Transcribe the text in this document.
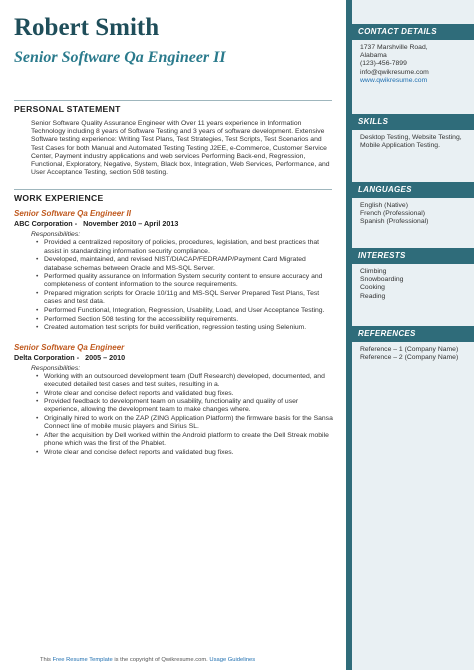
Robert Smith
Senior Software Qa Engineer II
PERSONAL STATEMENT
Senior Software Quality Assurance Engineer with Over 11 years experience in Information Technology including 8 years of Software Testing and 3 years of software development. Extensive Software testing experience: Writing Test Plans, Test Strategies, Test Scripts, Test Scenarios and Test Cases for both Manual and Automated Testing Testing J2EE, e-Commerce, Customer Service Center, Payment industry applications and web services Performing Back-end, Regression, Functional, Exploratory, Negative, System, Black box, Integration, Web Services, Performance, and User Acceptance Testing, section 508 testing.
WORK EXPERIENCE
Senior Software Qa Engineer II
ABC Corporation - November 2010 – April 2013
Responsibilities:
• Provided a centralized repository of policies, procedures, legislation, and best practices that assist in standardizing information security compliance.
• Developed, maintained, and revised NIST/DIACAP/FEDRAMP/Payment Card Migrated database schemas between Oracle and MS-SQL Server.
• Performed quality assurance on Information System security content to ensure accuracy and completeness of content information to the source requirements.
• Prepared migration scripts for Oracle 10/11g and MS-SQL Server Prepared Test Plans, Test cases and test data.
• Performed Functional, Integration, Regression, Usability, Load, and User Acceptance Testing.
• Performed Section 508 testing for the accessibility requirements.
• Created automation test scripts for build verification, regression testing using Selenium.
Senior Software Qa Engineer
Delta Corporation - 2005 – 2010
Responsibilities:
• Working with an outsourced development team (Duff Research) developed, documented, and executed detailed test cases and test suites, resulting in a.
• Wrote clear and concise defect reports and validated bug fixes.
• Provided feedback to development team on usability, functionality and quality of user experience, allowing the development team to make changes where.
• Originally hired to work on the ZAP (ZING Application Platform) the firmware basis for the Sansa Connect line of mobile music players and Sirius SL.
• After the acquisition by Dell worked within the Android platform to create the Dell Streak mobile phone which was the first of the Phablet.
• Wrote clear and concise defect reports and validated bug fixes.
CONTACT DETAILS
1737 Marshville Road,
Alabama
(123)-456-7899
info@qwikresume.com
www.qwikresume.com
SKILLS
Desktop Testing, Website Testing, Mobile Application Testing.
LANGUAGES
English (Native)
French (Professional)
Spanish (Professional)
INTERESTS
Climbing
Snowboarding
Cooking
Reading
REFERENCES
Reference – 1 (Company Name)
Reference – 2 (Company Name)
This Free Resume Template is the copyright of Qwikresume.com. Usage Guidelines
